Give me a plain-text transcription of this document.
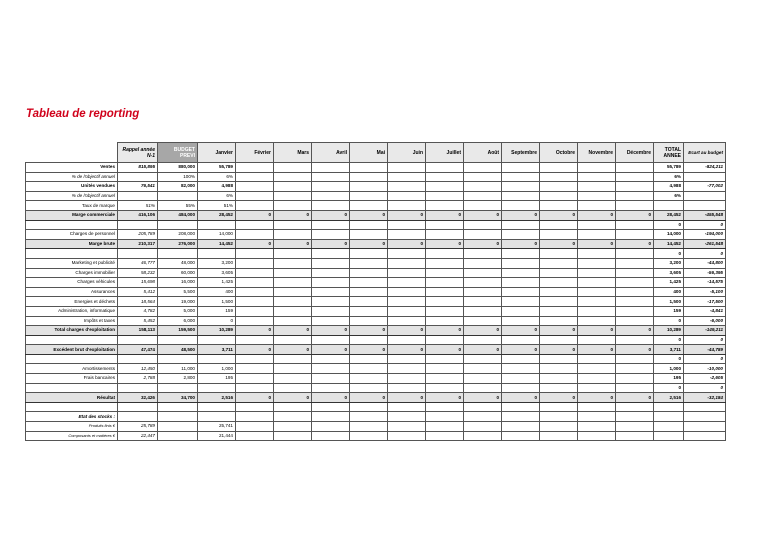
Tableau de reporting
	Rappel année N-1	BUDGET PREVI	Janvier	Février	Mars	Avril	Mai	Juin	Juillet	Août	Septembre	Octobre	Novembre	Décembre	TOTAL ANNEE	Ecart au budget
Ventes	815,895	880,000	55,789												55,789	-824,211
% de l'objectif annuel		100%	6%												6%	
Unités vendues	76,541	82,000	4,988												4,988	-77,002
% de l'objectif annuel			6%												6%	
Taux de marque	51%	55%	51%													
Marge commerciale	416,106	484,000	28,452	0	0	0	0	0	0	0	0	0	0	0	28,452	-455,548
															0	0
Charges de personnel	205,789	208,000	14,000												14,000	-194,000
Marge brute	210,317	276,000	14,452	0	0	0	0	0	0	0	0	0	0	0	14,452	-261,548
															0	0
Marketing et publicité	46,777	48,000	3,200												3,200	-44,800
Charges immobilier	58,232	60,000	3,605												3,605	-56,395
Charges véhicules	15,698	16,000	1,425												1,425	-14,575
Assurances	5,412	5,500	400												400	-5,100
Energies et déchets	18,564	19,000	1,500												1,500	-17,500
Administration, informatique	4,782	5,000	159												159	-4,841
Impôts et taxes	5,452	6,000	0												0	-6,000
Total charges d'exploitation	158,113	159,500	10,289	0	0	0	0	0	0	0	0	0	0	0	10,289	-149,211
															0	0
Excédent brut d'exploitation	47,474	48,500	3,711	0	0	0	0	0	0	0	0	0	0	0	3,711	-44,789
															0	0
Amortissements	12,450	11,000	1,000												1,000	-10,000
Frais bancaires	2,788	2,800	195												195	-2,605
															0	0
Résultat	32,426	34,700	2,516	0	0	0	0	0	0	0	0	0	0	0	2,516	-32,184

Etat des stocks :																
Produits finis €	25,789		25,741													
Composants et matières €	22,447		21,444													
